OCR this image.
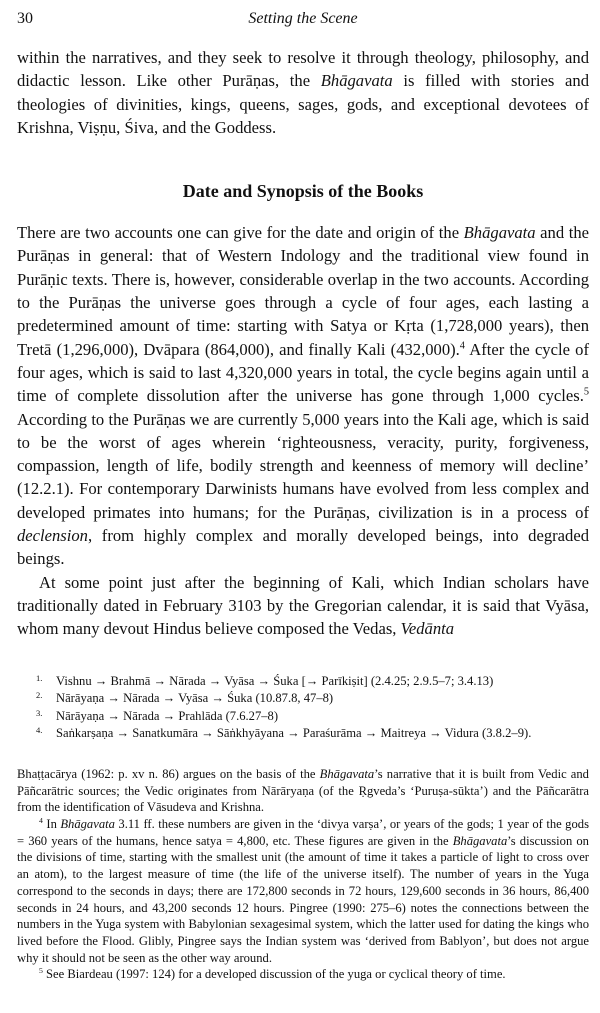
30	Setting the Scene

within the narratives, and they seek to resolve it through theology, philosophy, and didactic lesson. Like other Purāṇas, the Bhāgavata is filled with stories and theologies of divinities, kings, queens, sages, gods, and exceptional devotees of Krishna, Viṣṇu, Śiva, and the Goddess.

Date and Synopsis of the Books

There are two accounts one can give for the date and origin of the Bhāgavata and the Purāṇas in general: that of Western Indology and the traditional view found in Purāṇic texts. There is, however, considerable overlap in the two accounts. According to the Purāṇas the universe goes through a cycle of four ages, each lasting a predetermined amount of time: starting with Satya or Kṛta (1,728,000 years), then Tretā (1,296,000), Dvāpara (864,000), and finally Kali (432,000).$^4$ After the cycle of four ages, which is said to last 4,320,000 years in total, the cycle begins again until a time of complete dissolution after the universe has gone through 1,000 cycles.$^5$ According to the Purāṇas we are currently 5,000 years into the Kali age, which is said to be the worst of ages wherein ‘righteousness, veracity, purity, forgiveness, compassion, length of life, bodily strength and keenness of memory will decline’ (12.2.1). For contemporary Darwinists humans have evolved from less complex and developed primates into humans; for the Purāṇas, civilization is in a process of declension, from highly complex and morally developed beings, into degraded beings.

At some point just after the beginning of Kali, which Indian scholars have traditionally dated in February 3103 by the Gregorian calendar, it is said that Vyāsa, whom many devout Hindus believe composed the Vedas, Vedānta

1. Vishnu → Brahmā → Nārada → Vyāsa → Śuka [→ Parīkiṣit] (2.4.25; 2.9.5–7; 3.4.13)
2. Nārāyaṇa → Nārada → Vyāsa → Śuka (10.87.8, 47–8)
3. Nārāyaṇa → Nārada → Prahlāda (7.6.27–8)
4. Saṅkarṣaṇa → Sanatkumāra → Sāṅkhyāyana → Paraśurāma → Maitreya → Vidura (3.8.2–9).

Bhaṭṭacārya (1962: p. xv n. 86) argues on the basis of the Bhāgavata’s narrative that it is built from Vedic and Pāñcarātric sources; the Vedic originates from Nārāryaṇa (of the Ṛgveda’s ‘Puruṣa-sūkta’) and the Pāñcarātra from the identification of Vāsudeva and Krishna.

$^4$ In Bhāgavata 3.11 ff. these numbers are given in the ‘divya varṣa’, or years of the gods; 1 year of the gods = 360 years of the humans, hence satya = 4,800, etc. These figures are given in the Bhāgavata’s discussion on the divisions of time, starting with the smallest unit (the amount of time it takes a particle of light to cross over an atom), to the largest measure of time (the life of the universe itself). The number of years in the Yuga correspond to the seconds in days; there are 172,800 seconds in 72 hours, 129,600 seconds in 36 hours, 86,400 seconds in 24 hours, and 43,200 seconds 12 hours. Pingree (1990: 275–6) notes the connections between the numbers in the Yuga system with Babylonian sexagesimal system, which the latter used for dating the kings who lived before the Flood. Glibly, Pingree says the Indian system was ‘derived from Bablyon’, but does not argue why it should not be seen as the other way around.

$^5$ See Biardeau (1997: 124) for a developed discussion of the yuga or cyclical theory of time.
